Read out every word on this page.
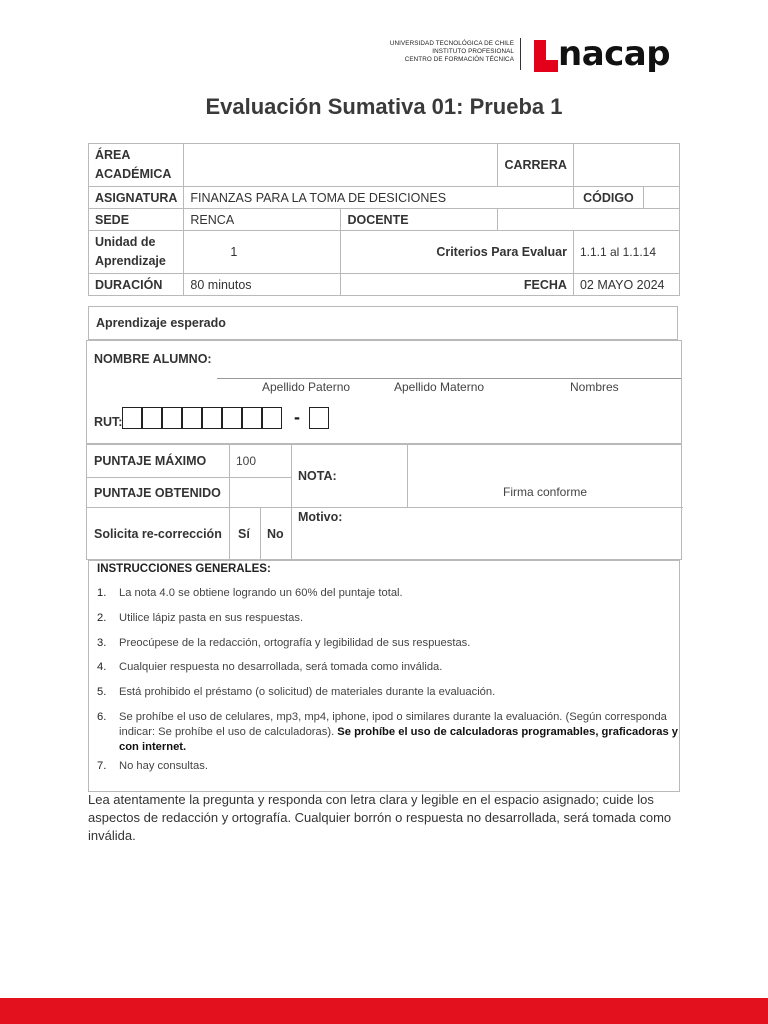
UNIVERSIDAD TECNOLÓGICA DE CHILE
INSTITUTO PROFESIONAL
CENTRO DE FORMACIÓN TÉCNICA nacap
Evaluación Sumativa 01: Prueba 1
ÁREA ACADÉMICA			CARRERA		
ASIGNATURA	FINANZAS PARA LA TOMA DE DESICIONES			CÓDIGO	
SEDE	RENCA	DOCENTE			
Unidad de Aprendizaje	1	Criterios Para Evaluar		1.1.1 al 1.1.14	
DURACIÓN	80 minutos	FECHA		02 MAYO 2024	
Aprendizaje esperado
NOMBRE ALUMNO:
Apellido Paterno	Apellido Materno	Nombres
RUT:	-
PUNTAJE MÁXIMO 100
PUNTAJE OBTENIDO
NOTA:
Firma conforme
Solicita re-corrección Sí No
Motivo:
INSTRUCCIONES GENERALES:
1. La nota 4.0 se obtiene logrando un 60% del puntaje total.
2. Utilice lápiz pasta en sus respuestas.
3. Preocúpese de la redacción, ortografía y legibilidad de sus respuestas.
4. Cualquier respuesta no desarrollada, será tomada como inválida.
5. Está prohibido el préstamo (o solicitud) de materiales durante la evaluación.
6. Se prohíbe el uso de celulares, mp3, mp4, iphone, ipod o similares durante la evaluación. (Según corresponda indicar: Se prohíbe el uso de calculadoras). Se prohíbe el uso de calculadoras programables, graficadoras y con internet.
7. No hay consultas.
Lea atentamente la pregunta y responda con letra clara y legible en el espacio asignado; cuide los aspectos de redacción y ortografía. Cualquier borrón o respuesta no desarrollada, será tomada como inválida.
